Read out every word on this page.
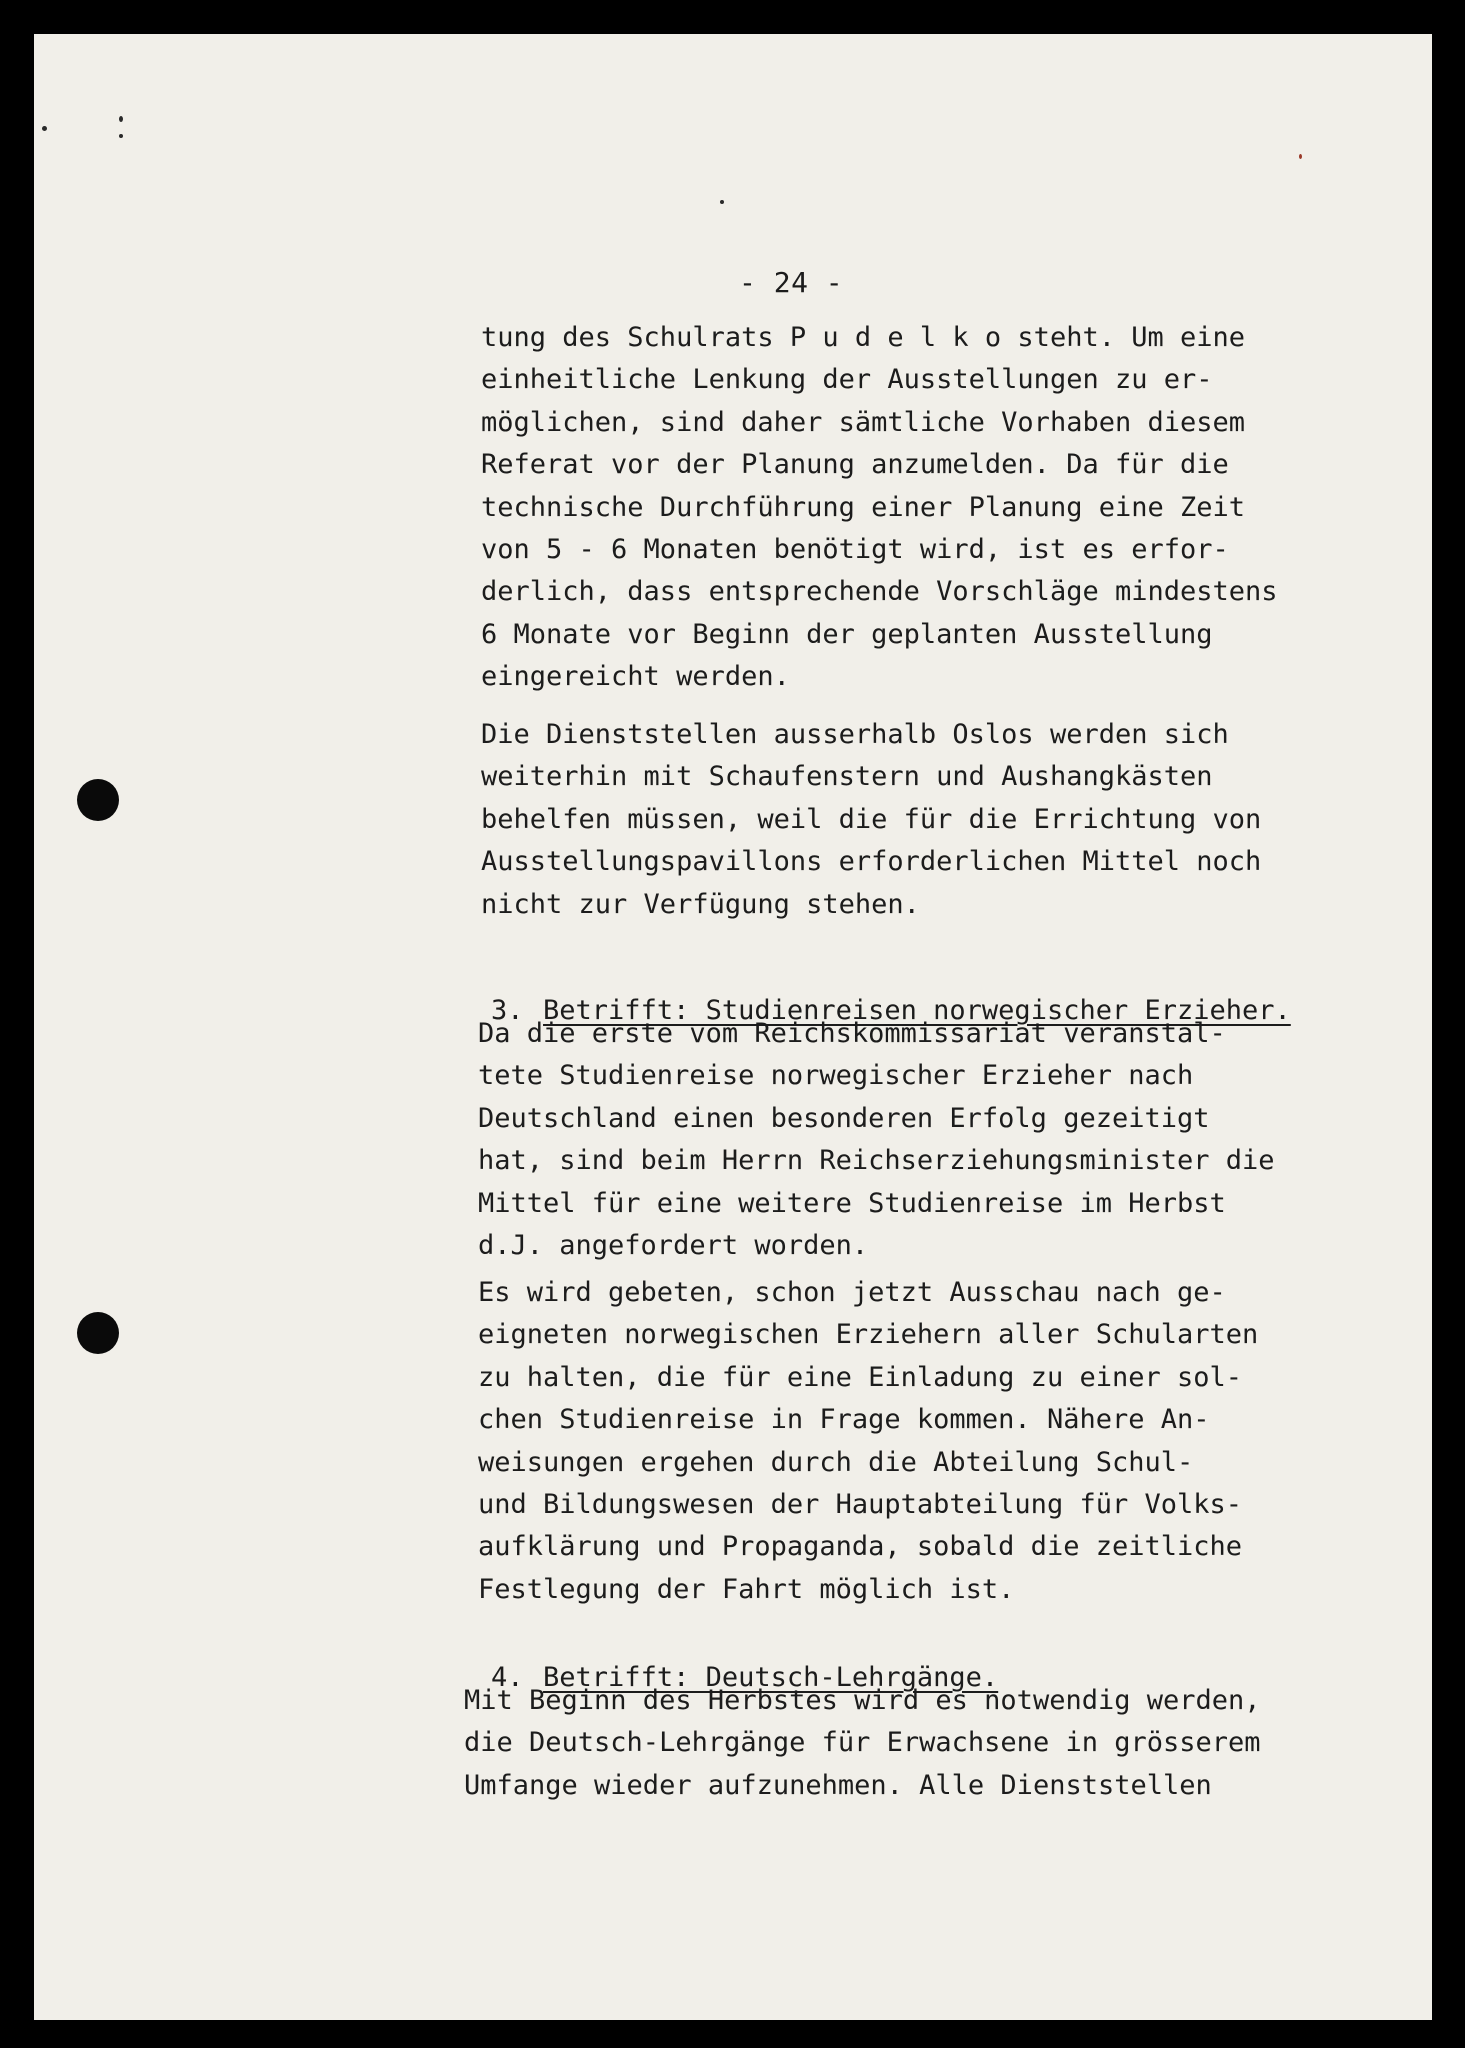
- 24 -
tung des Schulrats P u d e l k o steht. Um eine
einheitliche Lenkung der Ausstellungen zu er-
möglichen, sind daher sämtliche Vorhaben diesem
Referat vor der Planung anzumelden. Da für die
technische Durchführung einer Planung eine Zeit
von 5 - 6 Monaten benötigt wird, ist es erfor-
derlich, dass entsprechende Vorschläge mindestens
6 Monate vor Beginn der geplanten Ausstellung
eingereicht werden.
Die Dienststellen ausserhalb Oslos werden sich
weiterhin mit Schaufenstern und Aushangkästen
behelfen müssen, weil die für die Errichtung von
Ausstellungspavillons erforderlichen Mittel noch
nicht zur Verfügung stehen.

3. Betrifft: Studienreisen norwegischer Erzieher.

Da die erste vom Reichskommissariat veranstal-
tete Studienreise norwegischer Erzieher nach
Deutschland einen besonderen Erfolg gezeitigt
hat, sind beim Herrn Reichserziehungsminister die
Mittel für eine weitere Studienreise im Herbst
d.J. angefordert worden.
Es wird gebeten, schon jetzt Ausschau nach ge-
eigneten norwegischen Erziehern aller Schularten
zu halten, die für eine Einladung zu einer sol-
chen Studienreise in Frage kommen. Nähere An-
weisungen ergehen durch die Abteilung Schul-
und Bildungswesen der Hauptabteilung für Volks-
aufklärung und Propaganda, sobald die zeitliche
Festlegung der Fahrt möglich ist.

4. Betrifft: Deutsch-Lehrgänge.

Mit Beginn des Herbstes wird es notwendig werden,
die Deutsch-Lehrgänge für Erwachsene in grösserem
Umfange wieder aufzunehmen. Alle Dienststellen
